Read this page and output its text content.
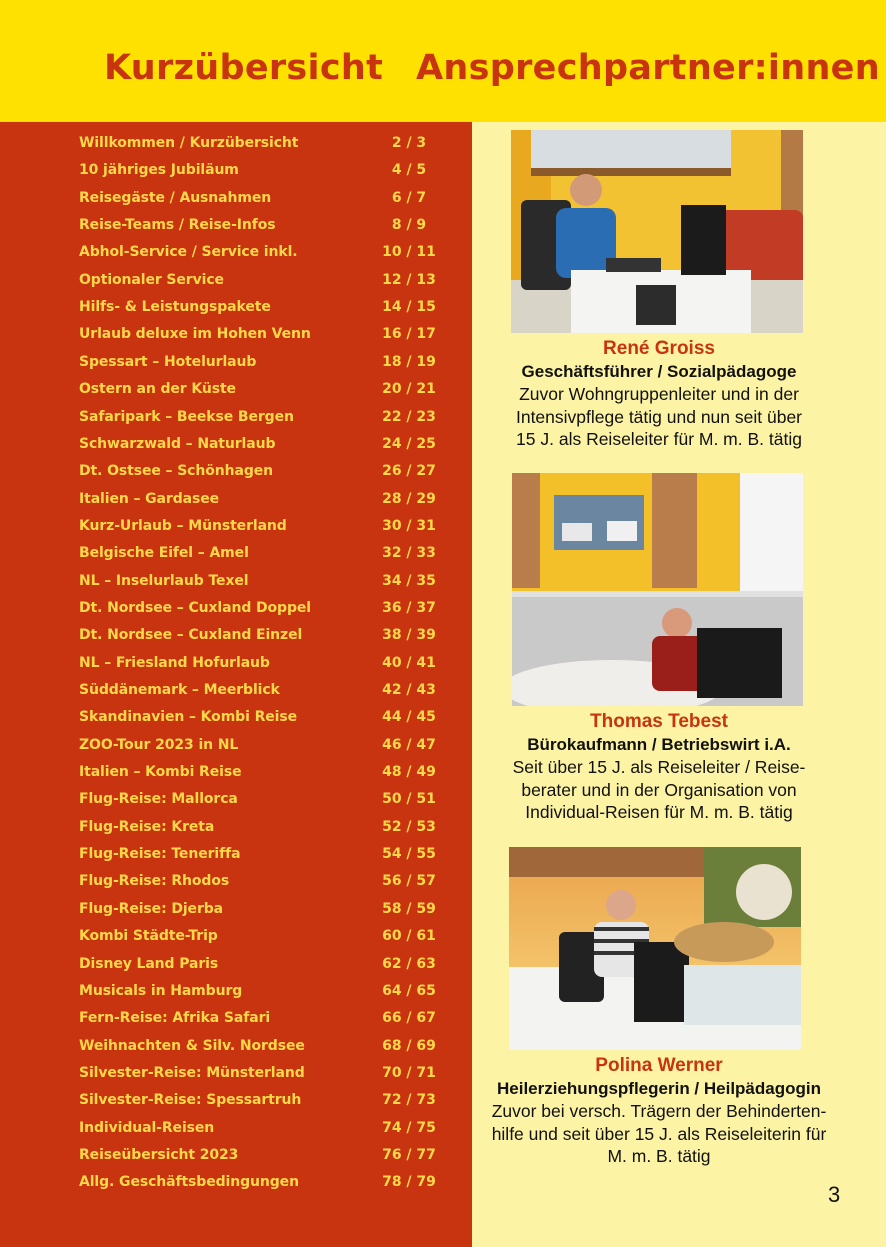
Kurzübersicht Ansprechpartner:innen
Willkommen / Kurzübersicht	2 / 3
10 jähriges Jubiläum	4 / 5
Reisegäste / Ausnahmen	6 / 7
Reise-Teams / Reise-Infos	8 / 9
Abhol-Service / Service inkl.	10 / 11
Optionaler Service	12 / 13
Hilfs- & Leistungspakete	14 / 15
Urlaub deluxe im Hohen Venn	16 / 17
Spessart – Hotelurlaub	18 / 19
Ostern an der Küste	20 / 21
Safaripark – Beekse Bergen	22 / 23
Schwarzwald – Naturlaub	24 / 25
Dt. Ostsee – Schönhagen	26 / 27
Italien – Gardasee	28 / 29
Kurz-Urlaub – Münsterland	30 / 31
Belgische Eifel – Amel	32 / 33
NL – Inselurlaub Texel	34 / 35
Dt. Nordsee – Cuxland Doppel	36 / 37
Dt. Nordsee – Cuxland Einzel	38 / 39
NL – Friesland Hofurlaub	40 / 41
Süddänemark – Meerblick	42 / 43
Skandinavien – Kombi Reise	44 / 45
ZOO-Tour 2023 in NL	46 / 47
Italien – Kombi Reise	48 / 49
Flug-Reise: Mallorca	50 / 51
Flug-Reise: Kreta	52 / 53
Flug-Reise: Teneriffa	54 / 55
Flug-Reise: Rhodos	56 / 57
Flug-Reise: Djerba	58 / 59
Kombi Städte-Trip	60 / 61
Disney Land Paris	62 / 63
Musicals in Hamburg	64 / 65
Fern-Reise: Afrika Safari	66 / 67
Weihnachten & Silv. Nordsee	68 / 69
Silvester-Reise: Münsterland	70 / 71
Silvester-Reise: Spessartruh	72 / 73
Individual-Reisen	74 / 75
Reiseübersicht 2023	76 / 77
Allg. Geschäftsbedingungen	78 / 79
René Groiss
Geschäftsführer / Sozialpädagoge
Zuvor Wohngruppenleiter und in der
Intensivpflege tätig und nun seit über
15 J. als Reiseleiter für M. m. B. tätig
Thomas Tebest
Bürokaufmann / Betriebswirt i.A.
Seit über 15 J. als Reiseleiter / Reise-
berater und in der Organisation von
Individual-Reisen für M. m. B. tätig
Polina Werner
Heilerziehungspflegerin / Heilpädagogin
Zuvor bei versch. Trägern der Behinderten-
hilfe und seit über 15 J. als Reiseleiterin für
M. m. B. tätig
3
